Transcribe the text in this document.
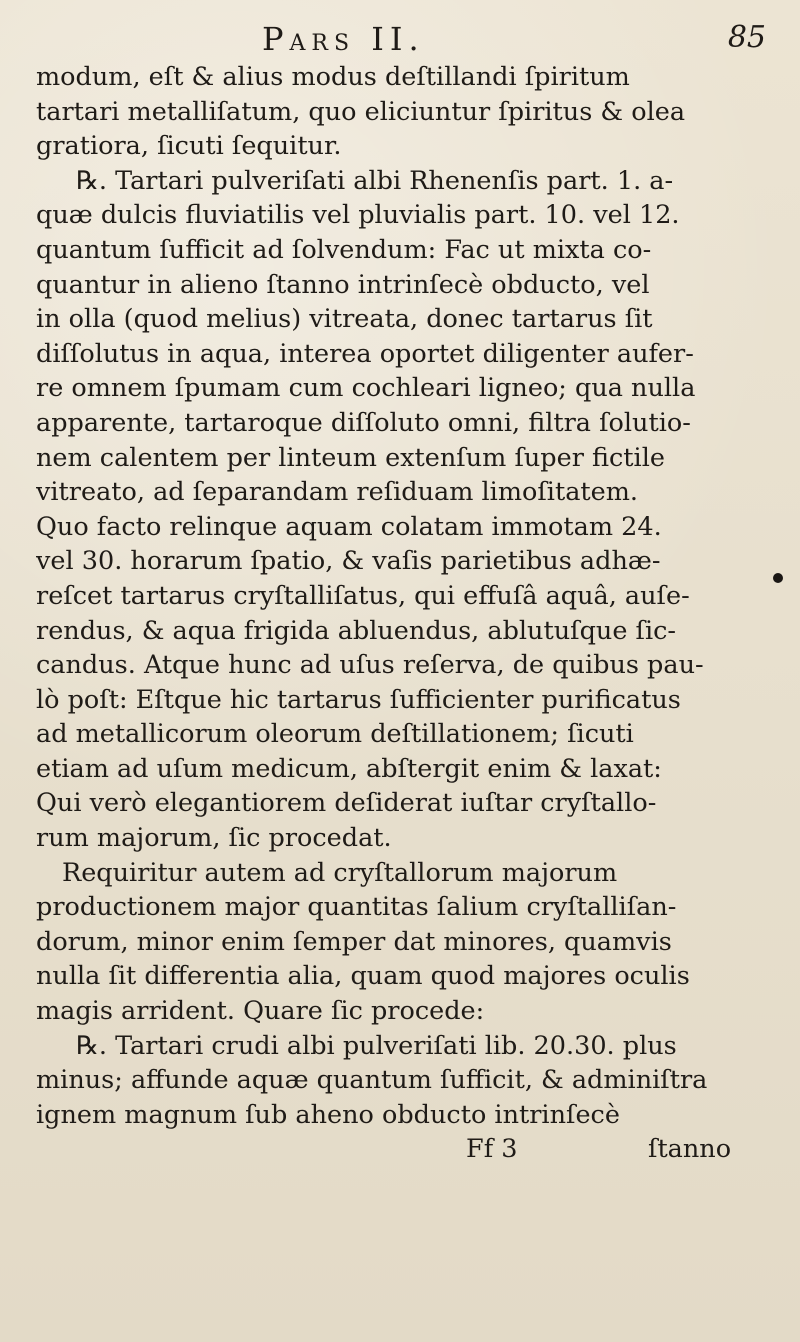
Pars II.	85
modum, eſt & alius modus deſtillandi ſpiritum
tartari metalliſatum, quo eliciuntur ſpiritus & olea
gratiora, ſicuti ſequitur.
℞. Tartari pulveriſati albi Rhenenſis part. 1. a-
quæ dulcis fluviatilis vel pluvialis part. 10. vel 12.
quantum ſufficit ad ſolvendum: Fac ut mixta co-
quantur in alieno ſtanno intrinſecè obducto, vel
in olla (quod melius) vitreata, donec tartarus ſit
diſſolutus in aqua, interea oportet diligenter aufer-
re omnem ſpumam cum cochleari ligneo; qua nulla
apparente, tartaroque diſſoluto omni, filtra ſolutio-
nem calentem per linteum extenſum ſuper fictile
vitreato, ad ſeparandam reſiduam limoſitatem.
Quo facto relinque aquam colatam immotam 24.
vel 30. horarum ſpatio, & vaſis parietibus adhæ-
reſcet tartarus cryſtalliſatus, qui effuſâ aquâ, auſe-
rendus, & aqua frigida abluendus, ablutuſque ſic-
candus. Atque hunc ad uſus reſerva, de quibus pau-
lò poſt: Eſtque hic tartarus ſufficienter purificatus
ad metallicorum oleorum deſtillationem; ſicuti
etiam ad uſum medicum, abſtergit enim & laxat:
Qui verò elegantiorem deſiderat iuſtar cryſtallo-
rum majorum, ſic procedat.
Requiritur autem ad cryſtallorum majorum
productionem major quantitas ſalium cryſtalliſan-
dorum, minor enim ſemper dat minores, quamvis
nulla ſit differentia alia, quam quod majores oculis
magis arrident. Quare ſic procede:
℞. Tartari crudi albi pulveriſati lib. 20.30. plus
minus; affunde aquæ quantum ſufficit, & adminiſtra
ignem magnum ſub aheno obducto intrinſecè
Ff 3	ſtanno
